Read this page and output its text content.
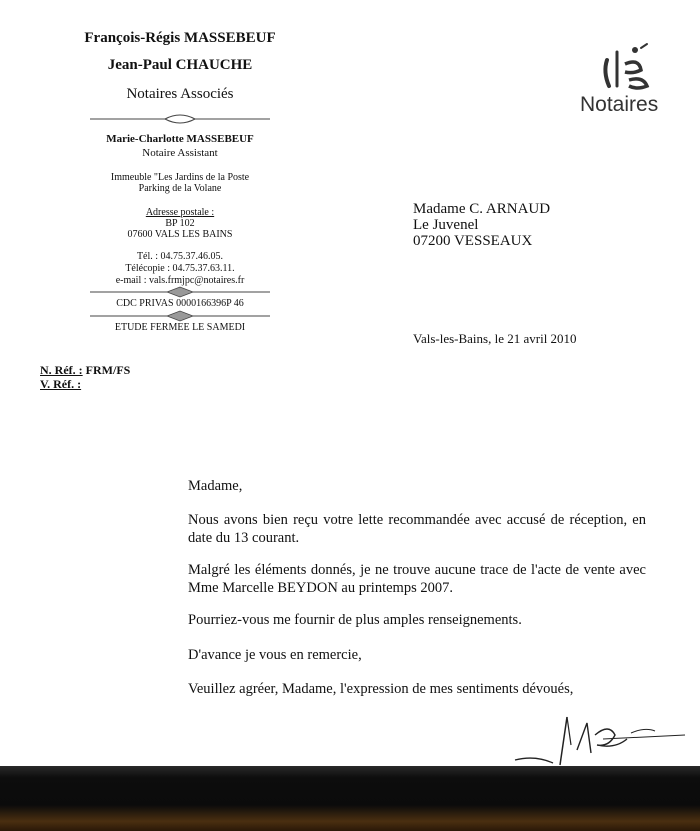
François-Régis MASSEBEUF
Jean-Paul CHAUCHE
Notaires Associés
Marie-Charlotte MASSEBEUF
Notaire Assistant
Immeuble "Les Jardins de la Poste
Parking de la Volane
Adresse postale :
BP 102
07600 VALS LES BAINS
Tél. : 04.75.37.46.05.
Télécopie : 04.75.37.63.11.
e-mail : vals.frmjpc@notaires.fr
CDC PRIVAS 0000166396P 46
ETUDE FERMEE LE SAMEDI
Notaires
Madame C. ARNAUD
Le Juvenel
07200 VESSEAUX
Vals-les-Bains, le 21 avril 2010
N. Réf. : FRM/FS
V. Réf. :
Madame,
Nous avons bien reçu votre lette recommandée avec accusé de réception, en date du 13 courant.
Malgré les éléments donnés, je ne trouve aucune trace de l'acte de vente avec Mme Marcelle BEYDON au printemps 2007.
Pourriez-vous me fournir de plus amples renseignements.
D'avance je vous en remercie,
Veuillez agréer, Madame, l'expression de mes sentiments dévoués,
